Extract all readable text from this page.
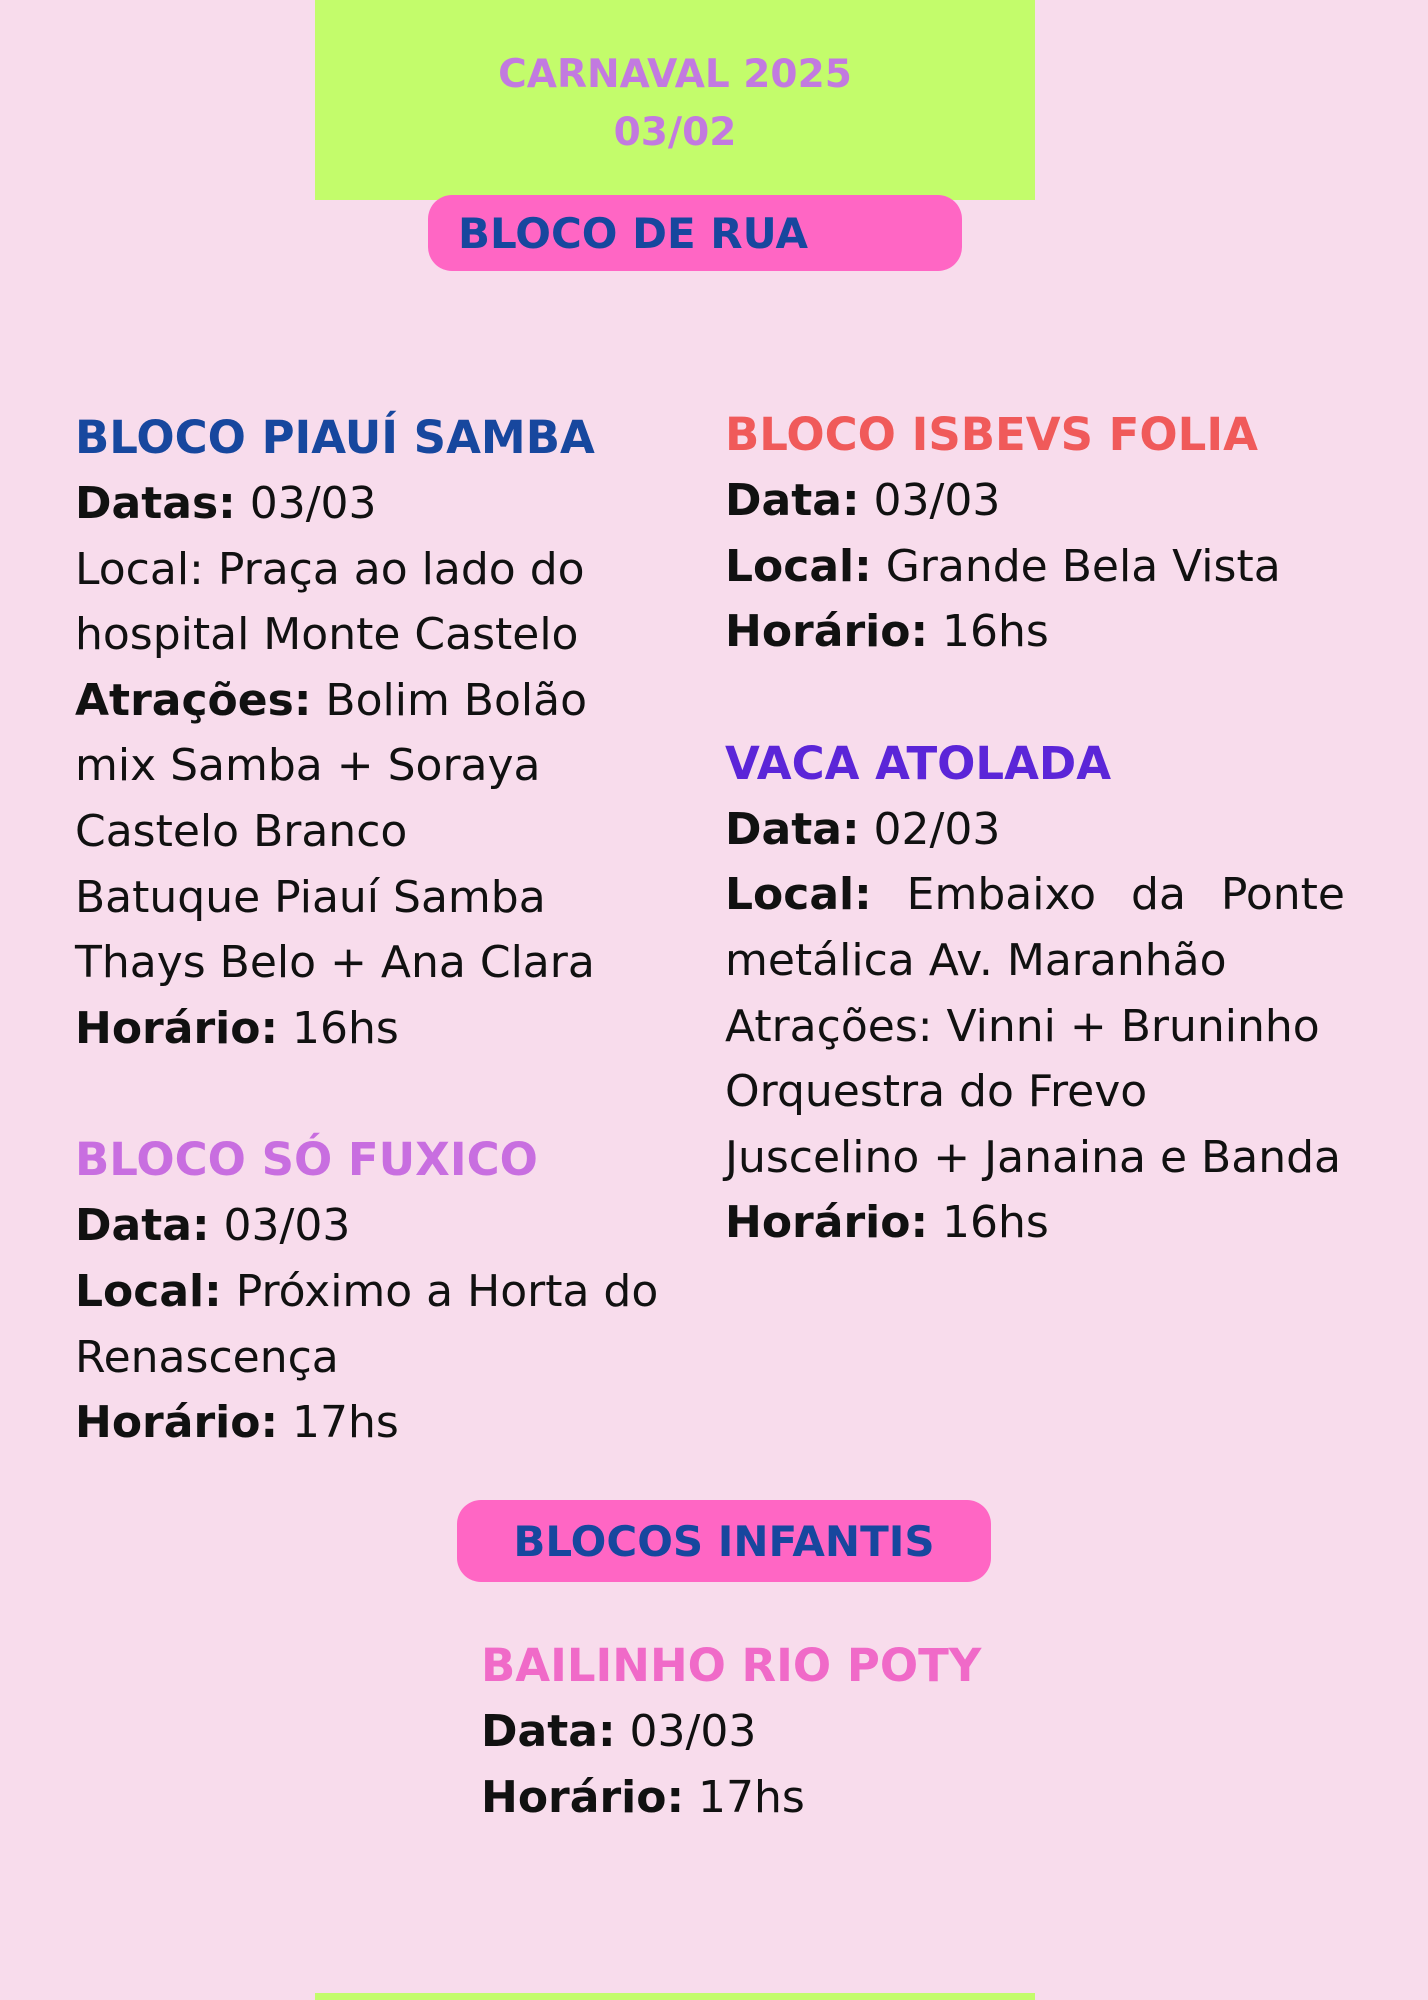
CARNAVAL 2025
03/02
BLOCO DE RUA
BLOCO PIAUÍ SAMBA
Datas: 03/03
Local: Praça ao lado do
hospital Monte Castelo
Atrações: Bolim Bolão
mix Samba + Soraya
Castelo Branco
Batuque Piauí Samba
Thays Belo + Ana Clara
Horário: 16hs
BLOCO SÓ FUXICO
Data: 03/03
Local: Próximo a Horta do
Renascença
Horário: 17hs
BLOCO ISBEVS FOLIA
Data: 03/03
Local: Grande Bela Vista
Horário: 16hs
VACA ATOLADA
Data: 02/03
Local: Embaixo da Ponte
metálica Av. Maranhão
Atrações: Vinni + Bruninho
Orquestra do Frevo
Juscelino + Janaina e Banda
Horário: 16hs
BLOCOS INFANTIS
BAILINHO RIO POTY
Data: 03/03
Horário: 17hs
